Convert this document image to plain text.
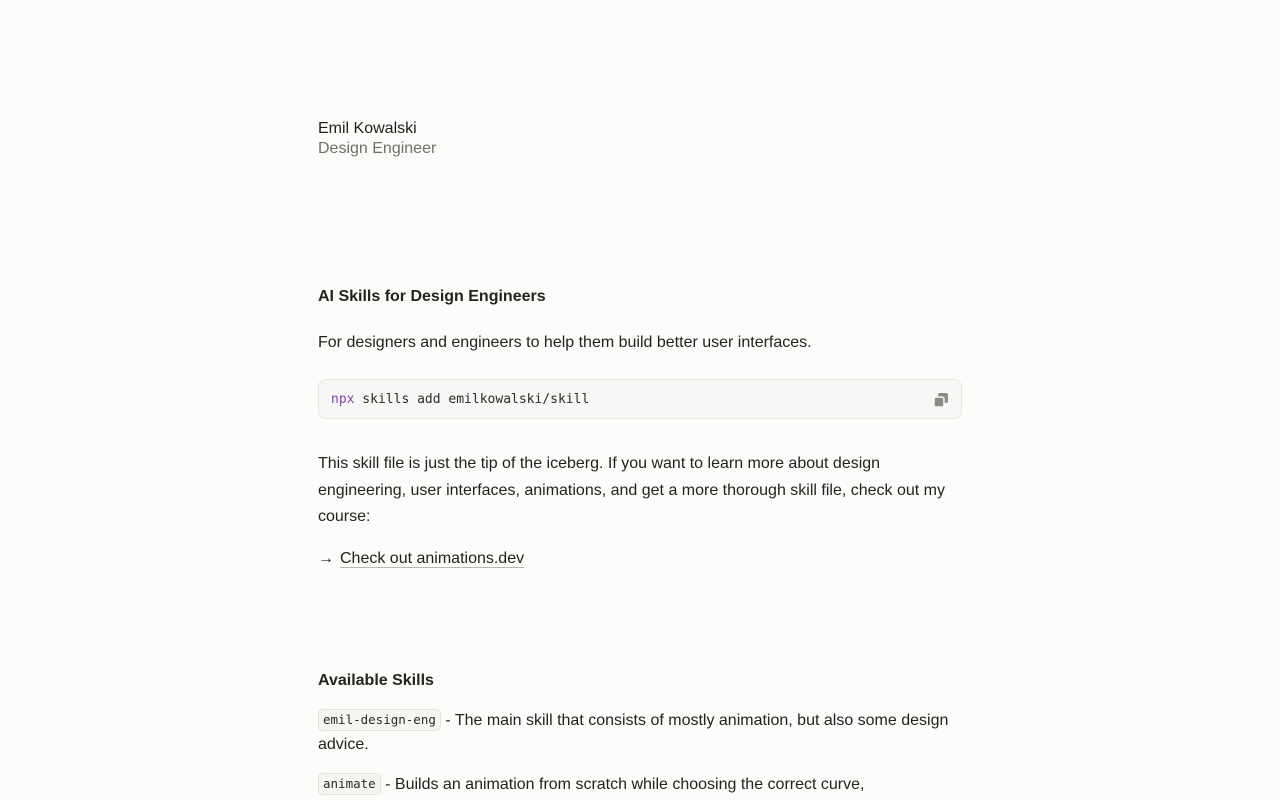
Emil Kowalski
Design Engineer
AI Skills for Design Engineers

For designers and engineers to help them build better user interfaces.

npx skills add emilkowalski/skill

This skill file is just the tip of the iceberg. If you want to learn more about design engineering, user interfaces, animations, and get a more thorough skill file, check out my course:

→ Check out animations.dev
Available Skills

emil-design-eng - The main skill that consists of mostly animation, but also some design advice.

animate - Builds an animation from scratch while choosing the correct curve,
